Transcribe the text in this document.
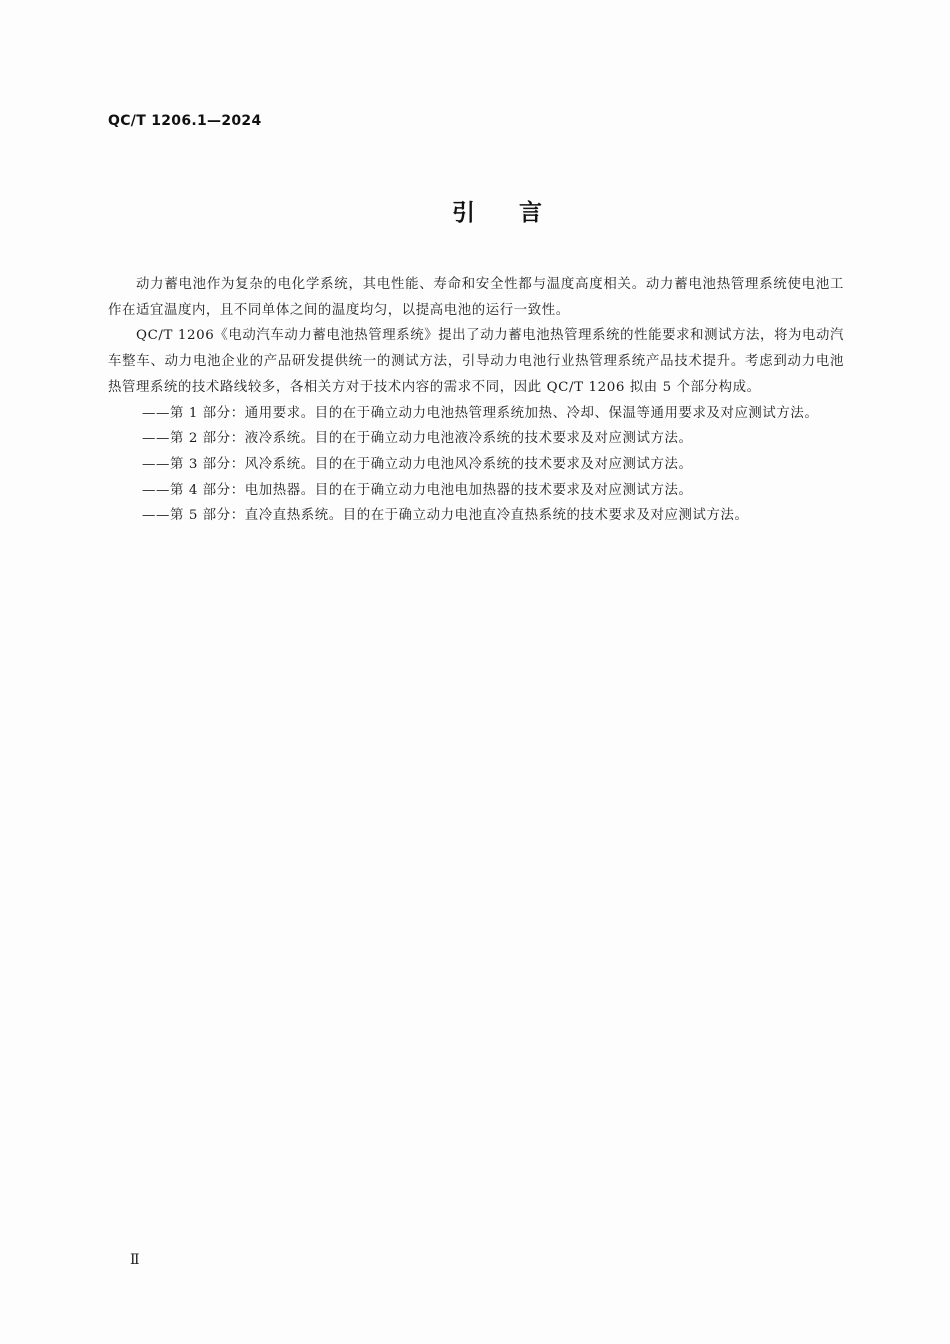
QC/T 1206.1—2024
引言

动力蓄电池作为复杂的电化学系统，其电性能、寿命和安全性都与温度高度相关。动力蓄电池热管理系统使电池工作在适宜温度内，且不同单体之间的温度均匀，以提高电池的运行一致性。

QC/T 1206《电动汽车动力蓄电池热管理系统》提出了动力蓄电池热管理系统的性能要求和测试方法，将为电动汽车整车、动力电池企业的产品研发提供统一的测试方法，引导动力电池行业热管理系统产品技术提升。考虑到动力电池热管理系统的技术路线较多，各相关方对于技术内容的需求不同，因此 QC/T 1206 拟由 5 个部分构成。

——第 1 部分：通用要求。目的在于确立动力电池热管理系统加热、冷却、保温等通用要求及对应测试方法。
——第 2 部分：液冷系统。目的在于确立动力电池液冷系统的技术要求及对应测试方法。
——第 3 部分：风冷系统。目的在于确立动力电池风冷系统的技术要求及对应测试方法。
——第 4 部分：电加热器。目的在于确立动力电池电加热器的技术要求及对应测试方法。
——第 5 部分：直冷直热系统。目的在于确立动力电池直冷直热系统的技术要求及对应测试方法。
Ⅱ
